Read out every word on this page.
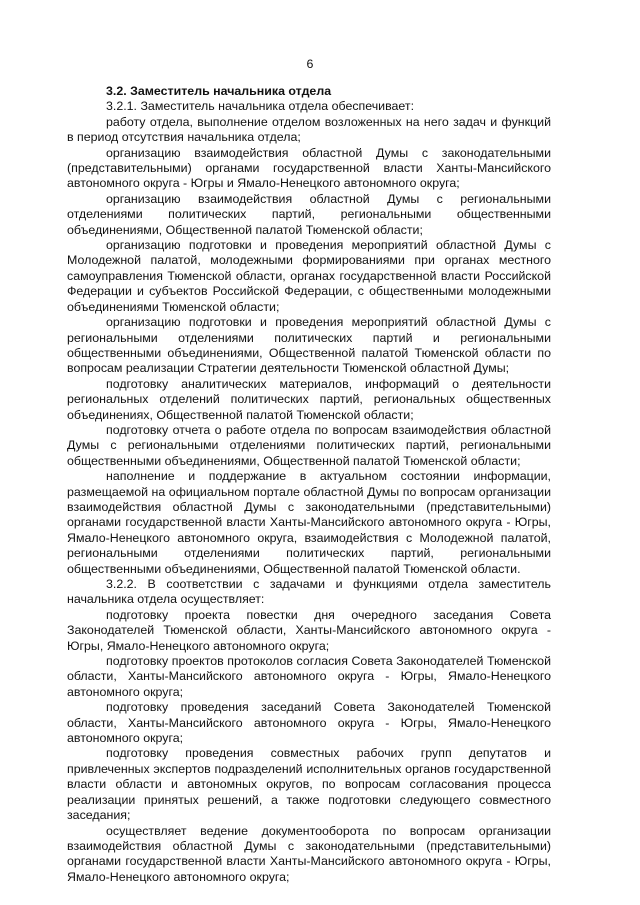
6
3.2. Заместитель начальника отдела

3.2.1. Заместитель начальника отдела обеспечивает:

работу отдела, выполнение отделом возложенных на него задач и функций в период отсутствия начальника отдела;

организацию взаимодействия областной Думы с законодательными (представительными) органами государственной власти Ханты-Мансийского автономного округа - Югры и Ямало-Ненецкого автономного округа;

организацию взаимодействия областной Думы с региональными отделениями политических партий, региональными общественными объединениями, Общественной палатой Тюменской области;

организацию подготовки и проведения мероприятий областной Думы с Молодежной палатой, молодежными формированиями при органах местного самоуправления Тюменской области, органах государственной власти Российской Федерации и субъектов Российской Федерации, с общественными молодежными объединениями Тюменской области;

организацию подготовки и проведения мероприятий областной Думы с региональными отделениями политических партий и региональными общественными объединениями, Общественной палатой Тюменской области по вопросам реализации Стратегии деятельности Тюменской областной Думы;

подготовку аналитических материалов, информаций о деятельности региональных отделений политических партий, региональных общественных объединениях, Общественной палатой Тюменской области;

подготовку отчета о работе отдела по вопросам взаимодействия областной Думы с региональными отделениями политических партий, региональными общественными объединениями, Общественной палатой Тюменской области;

наполнение и поддержание в актуальном состоянии информации, размещаемой на официальном портале областной Думы по вопросам организации взаимодействия областной Думы с законодательными (представительными) органами государственной власти Ханты-Мансийского автономного округа - Югры, Ямало-Ненецкого автономного округа, взаимодействия с Молодежной палатой, региональными отделениями политических партий, региональными общественными объединениями, Общественной палатой Тюменской области.

3.2.2. В соответствии с задачами и функциями отдела заместитель начальника отдела осуществляет:

подготовку проекта повестки дня очередного заседания Совета Законодателей Тюменской области, Ханты-Мансийского автономного округа - Югры, Ямало-Ненецкого автономного округа;

подготовку проектов протоколов согласия Совета Законодателей Тюменской области, Ханты-Мансийского автономного округа - Югры, Ямало-Ненецкого автономного округа;

подготовку проведения заседаний Совета Законодателей Тюменской области, Ханты-Мансийского автономного округа - Югры, Ямало-Ненецкого автономного округа;

подготовку проведения совместных рабочих групп депутатов и привлеченных экспертов подразделений исполнительных органов государственной власти области и автономных округов, по вопросам согласования процесса реализации принятых решений, а также подготовки следующего совместного заседания;

осуществляет ведение документооборота по вопросам организации взаимодействия областной Думы с законодательными (представительными) органами государственной власти Ханты-Мансийского автономного округа - Югры, Ямало-Ненецкого автономного округа;
